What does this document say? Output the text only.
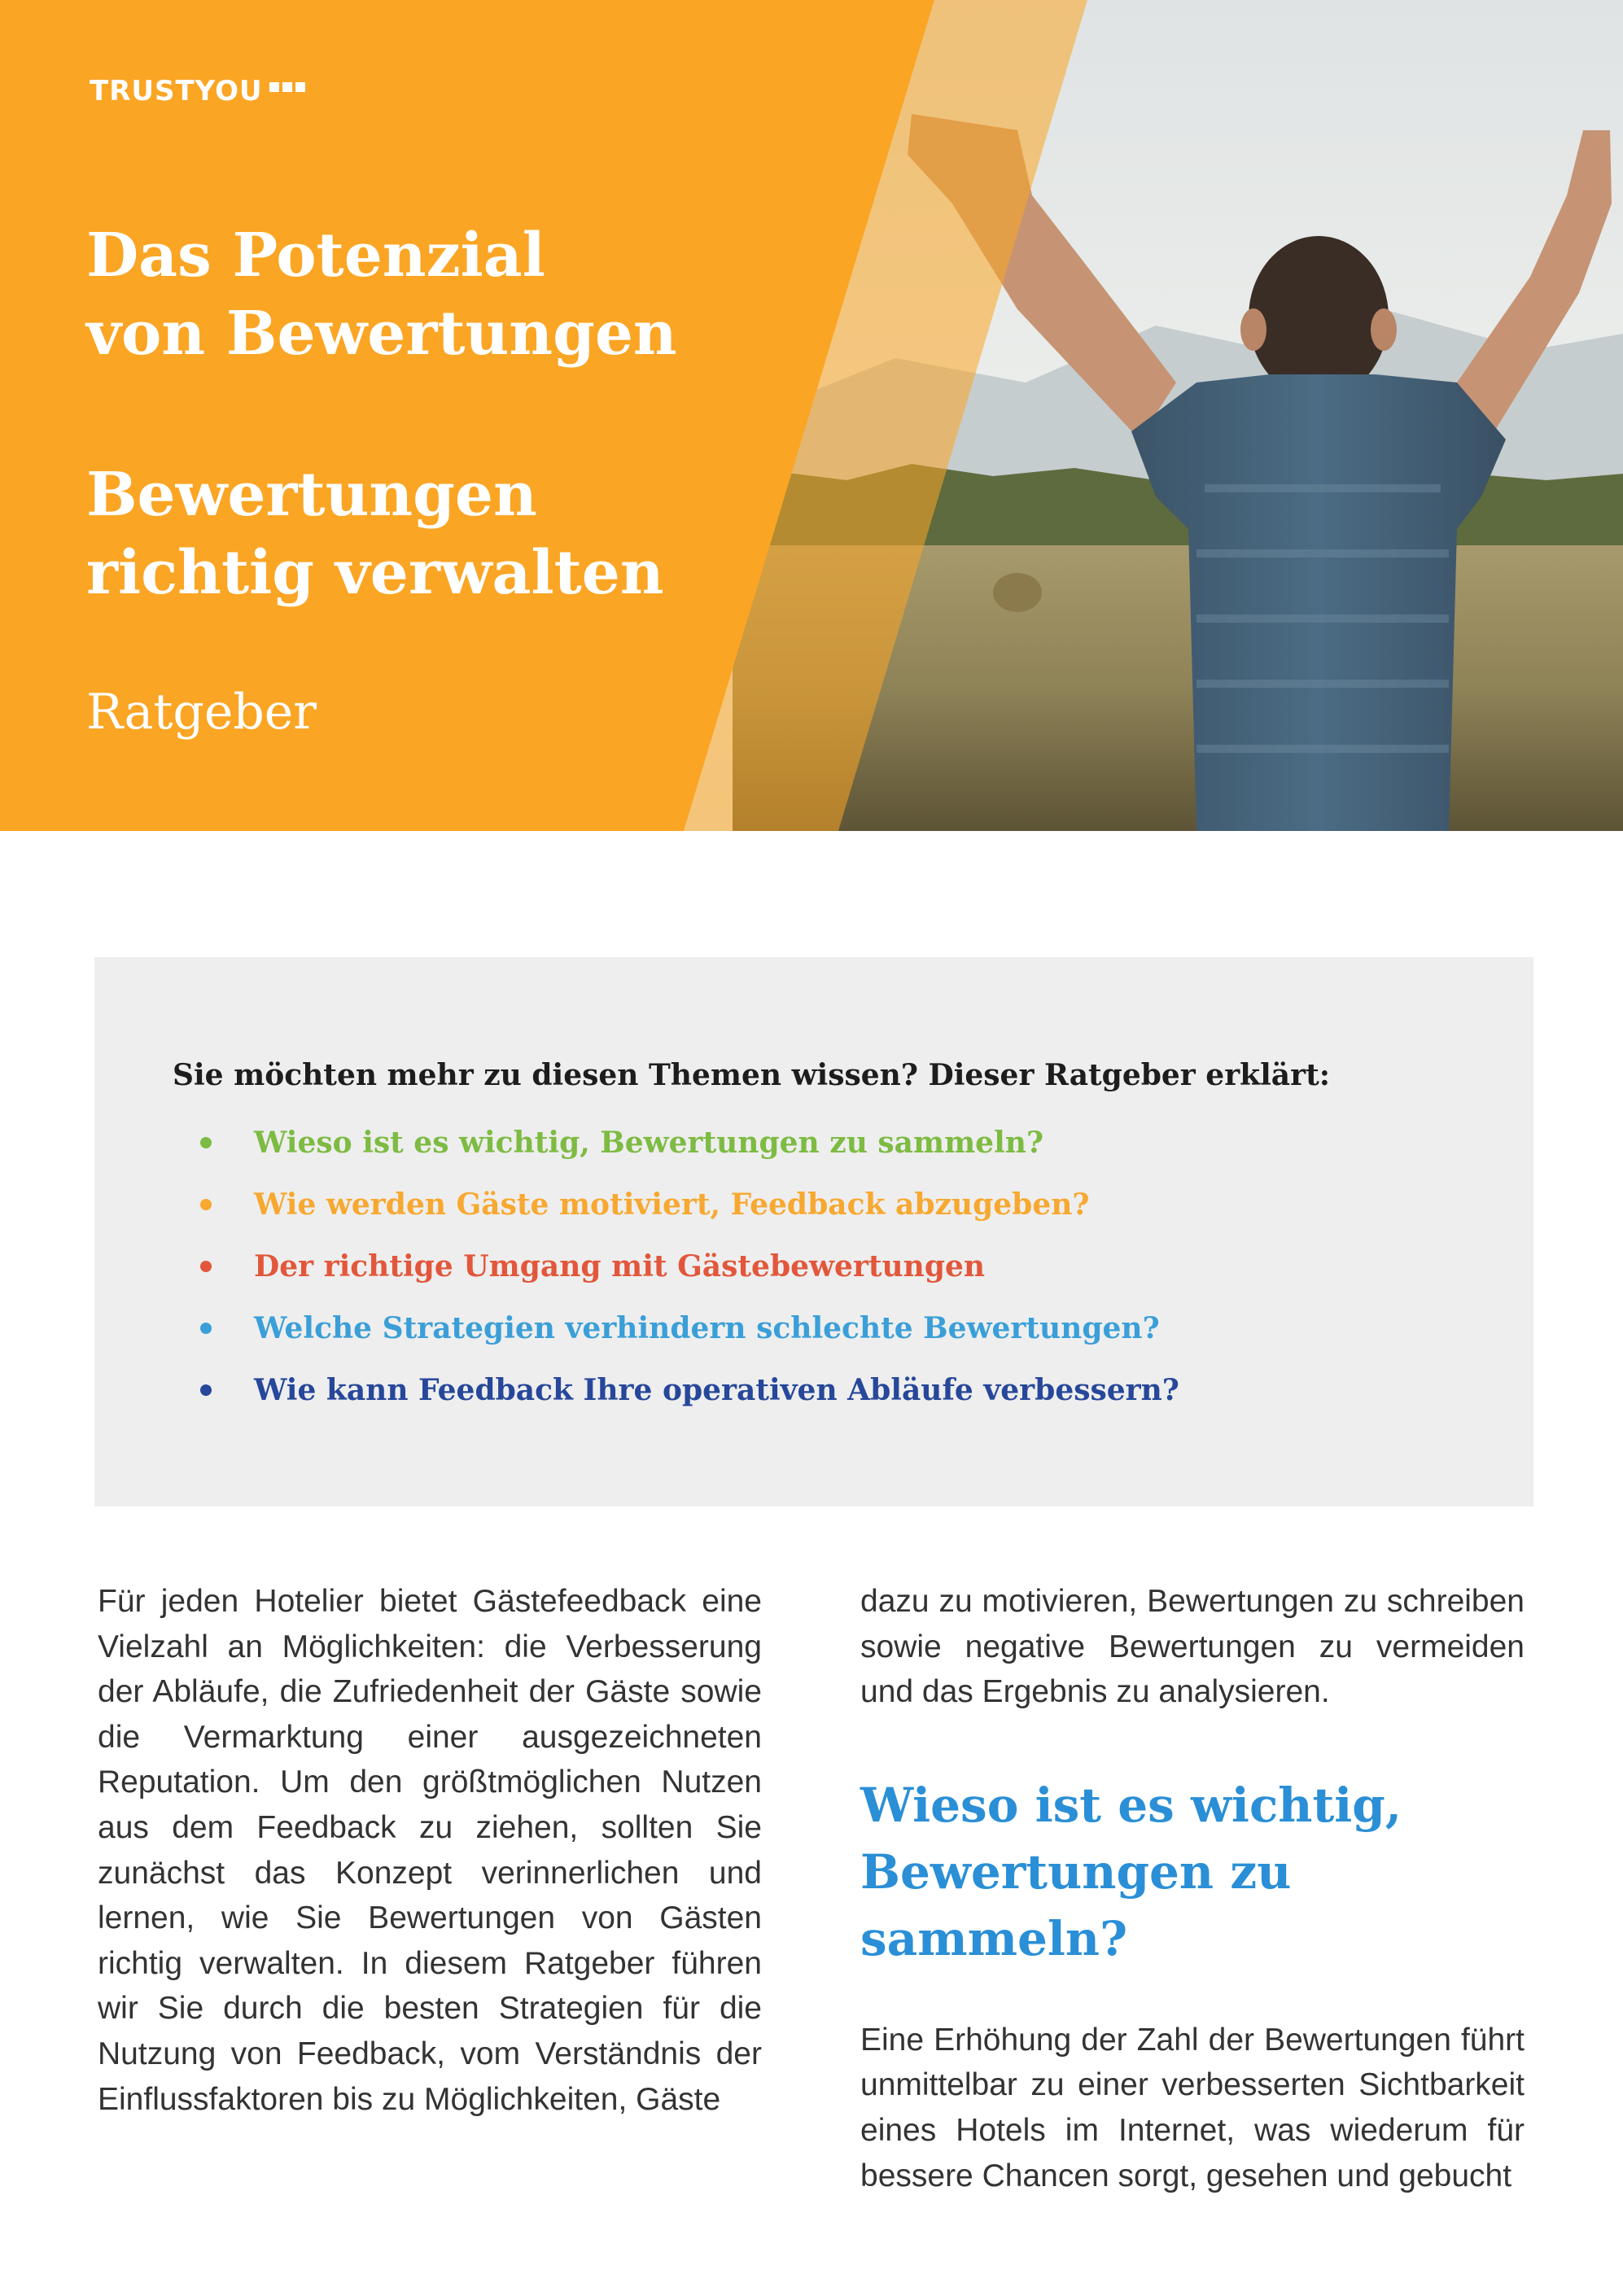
TRUSTYOU
Das Potenzial
von Bewertungen
Bewertungen
richtig verwalten
Ratgeber
Sie möchten mehr zu diesen Themen wissen? Dieser Ratgeber erklärt:
Wieso ist es wichtig, Bewertungen zu sammeln?
Wie werden Gäste motiviert, Feedback abzugeben?
Der richtige Umgang mit Gästebewertungen
Welche Strategien verhindern schlechte Bewertungen?
Wie kann Feedback Ihre operativen Abläufe verbessern?

Für jeden Hotelier bietet Gästefeedback eine Vielzahl an Möglichkeiten: die Verbesserung der Abläufe, die Zufriedenheit der Gäste sowie die Vermarktung einer ausgezeichneten Reputation. Um den größtmöglichen Nutzen aus dem Feedback zu ziehen, sollten Sie zunächst das Konzept verinnerlichen und lernen, wie Sie Bewertungen von Gästen richtig verwalten. In diesem Ratgeber führen wir Sie durch die besten Strategien für die Nutzung von Feedback, vom Verständnis der Einflussfaktoren bis zu Möglichkeiten, Gäste

dazu zu motivieren, Bewertungen zu schreiben sowie negative Bewertungen zu vermeiden und das Ergebnis zu analysieren.

Wieso ist es wichtig,
Bewertungen zu sammeln?

Eine Erhöhung der Zahl der Bewertungen führt unmittelbar zu einer verbesserten Sichtbarkeit eines Hotels im Internet, was wiederum für bessere Chancen sorgt, gesehen und gebucht
